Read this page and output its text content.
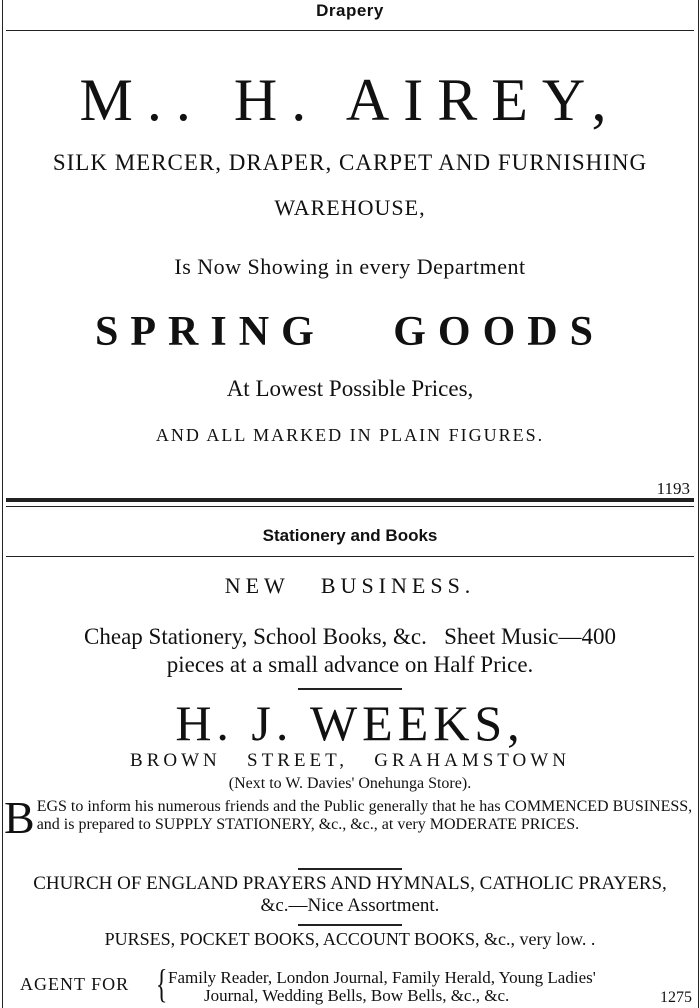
Drapery
M.. H. AIREY,
SILK MERCER, DRAPER, CARPET AND FURNISHING
WAREHOUSE,
Is Now Showing in every Department
SPRING   GOODS
At Lowest Possible Prices,
AND ALL MARKED IN PLAIN FIGURES.
1193
Stationery and Books
NEW   BUSINESS.
Cheap Stationery, School Books, &c.   Sheet Music—400
pieces at a small advance on Half Price.
H. J. WEEKS,
BROWN   STREET,   GRAHAMSTOWN
(Next to W. Davies' Onehunga Store).
B EGS to inform his numerous friends and the Public generally that he has COMMENCED BUSINESS, and is prepared to SUPPLY STATIONERY, &c., &c., at very MODERATE PRICES.
CHURCH OF ENGLAND PRAYERS AND HYMNALS, CATHOLIC PRAYERS, &c.—Nice Assortment.
PURSES, POCKET BOOKS, ACCOUNT BOOKS, &c., very low. .
AGENT FOR { Family Reader, London Journal, Family Herald, Young Ladies'
Journal, Wedding Bells, Bow Bells, &c., &c.	1275
